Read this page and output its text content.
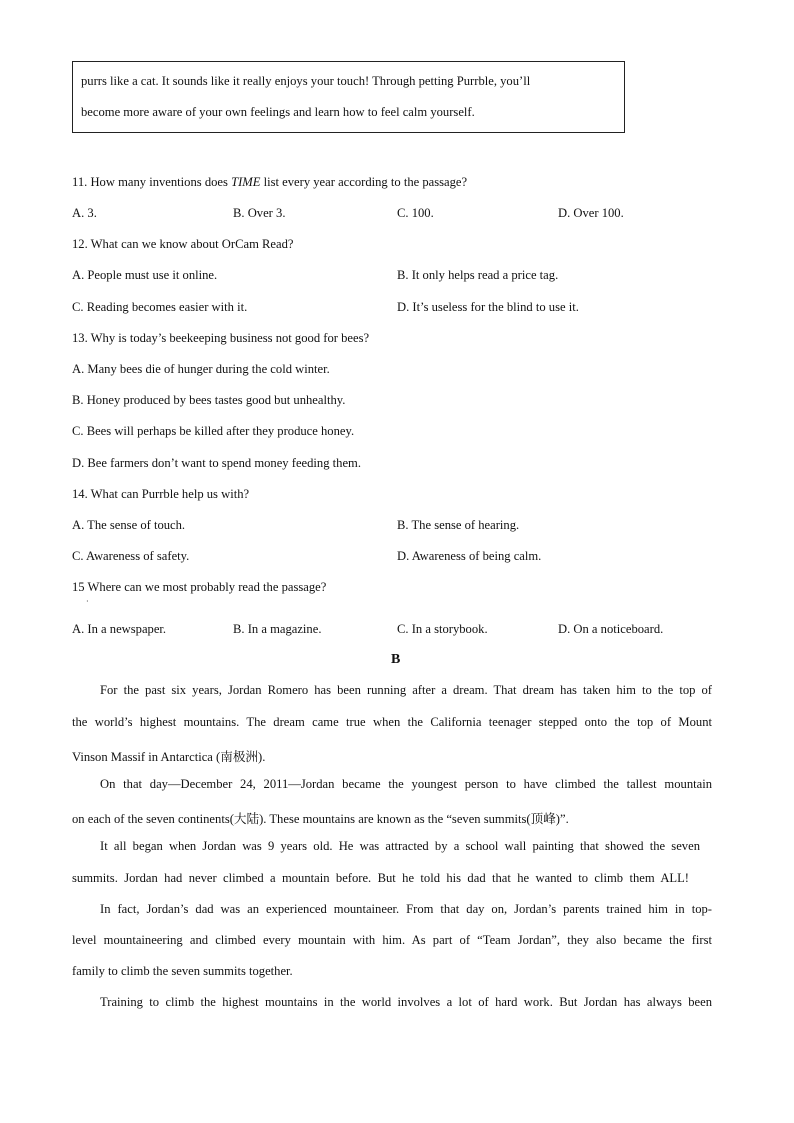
purrs like a cat. It sounds like it really enjoys your touch! Through petting Purrble, you’ll
become more aware of your own feelings and learn how to feel calm yourself.
11. How many inventions does TIME list every year according to the passage?
A. 3.	B. Over 3.	C. 100.	D. Over 100.
12. What can we know about OrCam Read?
A. People must use it online.	B. It only helps read a price tag.
C. Reading becomes easier with it.	D. It’s useless for the blind to use it.
13. Why is today’s beekeeping business not good for bees?
A. Many bees die of hunger during the cold winter.
B. Honey produced by bees tastes good but unhealthy.
C. Bees will perhaps be killed after they produce honey.
D. Bee farmers don’t want to spend money feeding them.
14. What can Purrble help us with?
A. The sense of touch.	B. The sense of hearing.
C. Awareness of safety.	D. Awareness of being calm.
15 Where can we most probably read the passage?
·
A. In a newspaper.	B. In a magazine.	C. In a storybook.	D. On a noticeboard.
B
For the past six years, Jordan Romero has been running after a dream. That dream has taken him to the top of
the world’s highest mountains. The dream came true when the California teenager stepped onto the top of Mount
Vinson Massif in Antarctica (南极洲).
On that day—December 24, 2011—Jordan became the youngest person to have climbed the tallest mountain
on each of the seven continents(大陆). These mountains are known as the “seven summits(顶峰)”.
It all began when Jordan was 9 years old. He was attracted by a school wall painting that showed the seven
summits. Jordan had never climbed a mountain before. But he told his dad that he wanted to climb them ALL!
In fact, Jordan’s dad was an experienced mountaineer. From that day on, Jordan’s parents trained him in top-
level mountaineering and climbed every mountain with him. As part of “Team Jordan”, they also became the first
family to climb the seven summits together.
Training to climb the highest mountains in the world involves a lot of hard work. But Jordan has always been
